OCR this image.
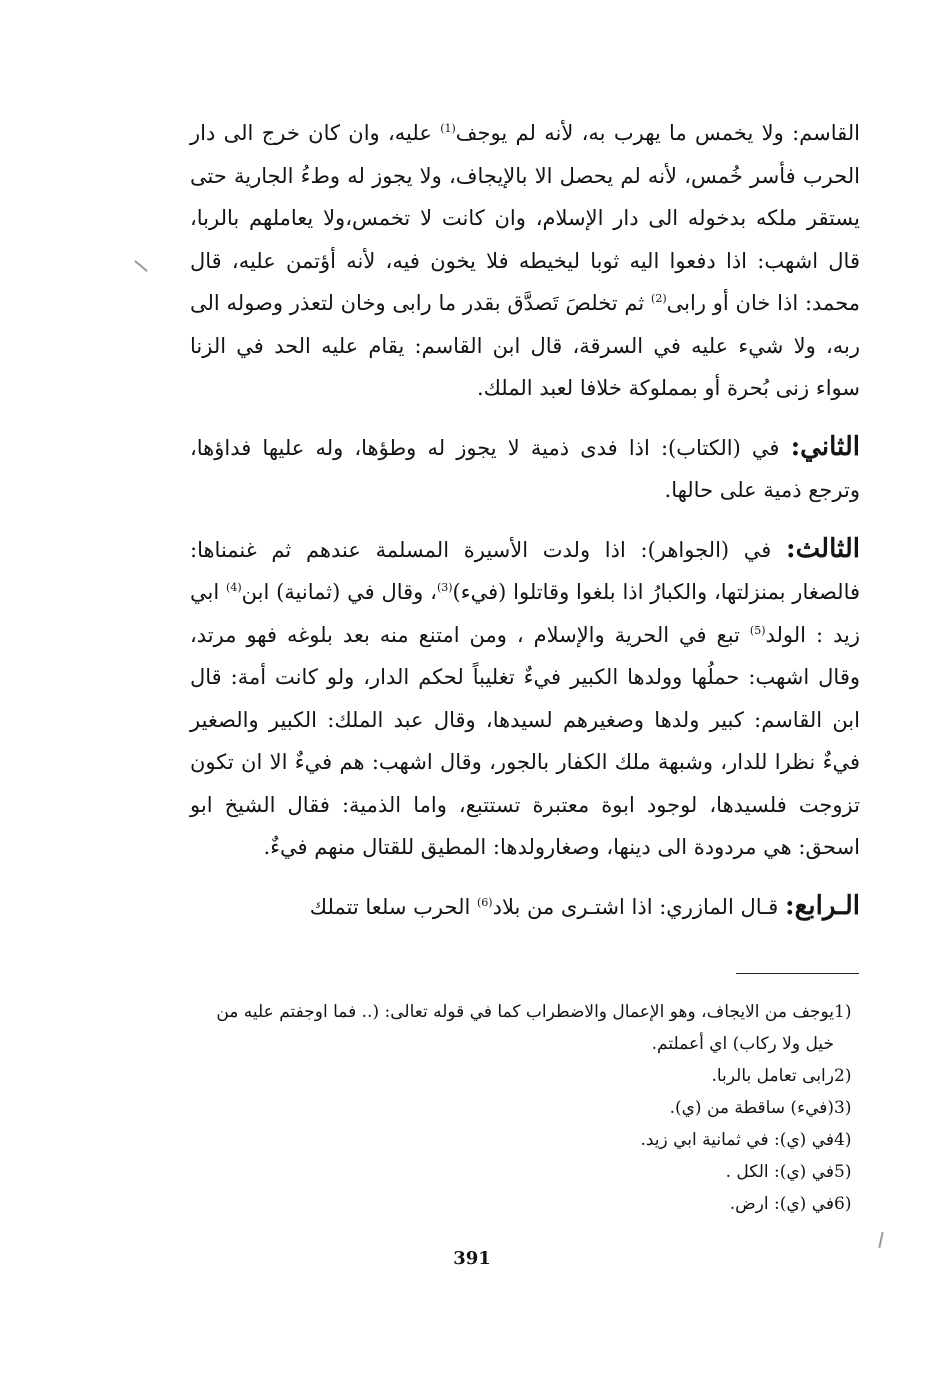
القاسم: ولا يخمس ما يهرب به، لأنه لم يوجف$^{(1)}$ عليه، وان كان خرج الى دار الحرب فأسر خُمس، لأنه لم يحصل الا بالإيجاف، ولا يجوز له وطءُ الجارية حتى يستقر ملكه بدخوله الى دار الإسلام، وان كانت لا تخمس،ولا يعاملهم بالربا، قال اشهب: اذا دفعوا اليه ثوبا ليخيطه فلا يخون فيه، لأنه أؤتمن عليه، قال محمد: اذا خان أو رابى$^{(2)}$ ثم تخلصَ تَصدَّق بقدر ما رابى وخان لتعذر وصوله الى ربه، ولا شيء عليه في السرقة، قال ابن القاسم: يقام عليه الحد في الزنا سواء زنى بُحرة أو بمملوكة خلافا لعبد الملك.

الثاني: في (الكتاب): اذا فدى ذمية لا يجوز له وطؤها، وله عليها فداؤها، وترجع ذمية على حالها.

الثالث: في (الجواهر): اذا ولدت الأسيرة المسلمة عندهم ثم غنمناها: فالصغار بمنزلتها، والكبارُ اذا بلغوا وقاتلوا (فيء)$^{(3)}$، وقال في (ثمانية) ابن$^{(4)}$ ابي زيد : الولد$^{(5)}$ تبع في الحرية والإسلام ، ومن امتنع منه بعد بلوغه فهو مرتد، وقال اشهب: حملُها وولدها الكبير فيءٌ تغليباً لحكم الدار، ولو كانت أمة: قال ابن القاسم: كبير ولدها وصغيرهم لسيدها، وقال عبد الملك: الكبير والصغير فيءٌ نظرا للدار، وشبهة ملك الكفار بالجور، وقال اشهب: هم فيءٌ الا ان تكون تزوجت فلسيدها، لوجود ابوة معتبرة تستتبع، واما الذمية: فقال الشيخ ابو اسحق: هي مردودة الى دينها، وصغارولدها: المطيق للقتال منهم فيءٌ.

الـرابع: قـال المازري: اذا اشتـرى من بلاد$^{(6)}$ الحرب سلعا تتملك

1)
يوجف من الايجاف، وهو الإعمال والاضطراب كما في قوله تعالى: (.. فما اوجفتم عليه من خيل ولا ركاب) اي أعملتم.
2)
رابى تعامل بالربا.
3)
(فيء) ساقطة من (ي).
4)
في (ي): في ثمانية ابي زيد.
5)
في (ي): الكل .
6)
في (ي): ارض.
391
